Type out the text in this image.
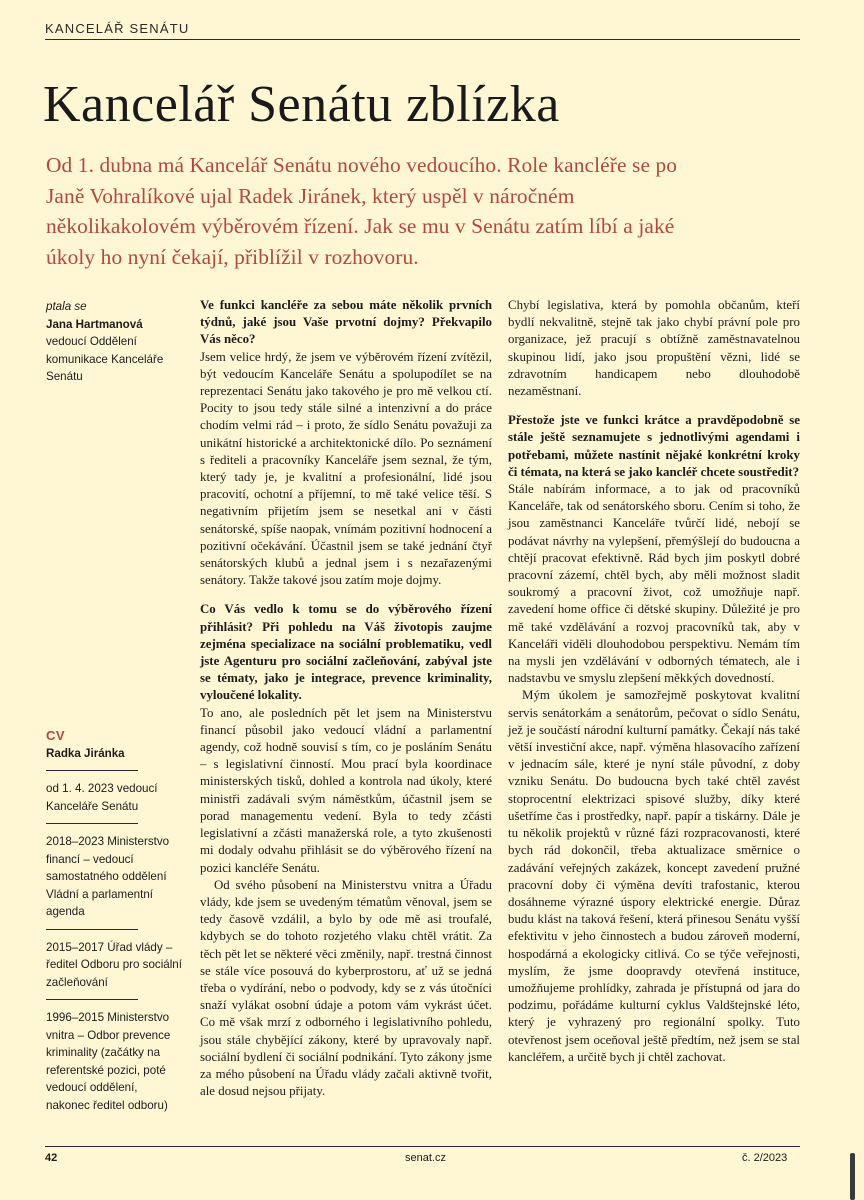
KANCELÁŘ SENÁTU
Kancelář Senátu zblízka

Od 1. dubna má Kancelář Senátu nového vedoucího. Role kancléře se po Janě Vohralíkové ujal Radek Jiránek, který uspěl v náročném několikakolovém výběrovém řízení. Jak se mu v Senátu zatím líbí a jaké úkoly ho nyní čekají, přiblížil v rozhovoru.

ptala se
Jana Hartmanová
vedoucí Oddělení komunikace Kanceláře Senátu
CV
Radka Jiránka
od 1. 4. 2023 vedoucí Kanceláře Senátu
2018–2023 Ministerstvo financí – vedoucí samostatného oddělení Vládní a parlamentní agenda
2015–2017 Úřad vlády – ředitel Odboru pro sociální začleňování
1996–2015 Ministerstvo vnitra – Odbor prevence kriminality (začátky na referentské pozici, poté vedoucí oddělení, nakonec ředitel odboru)

Ve funkci kancléře za sebou máte několik prvních týdnů, jaké jsou Vaše prvotní dojmy? Překvapilo Vás něco?

Jsem velice hrdý, že jsem ve výběrovém řízení zvítězil, být vedoucím Kanceláře Senátu a spolupodílet se na reprezentaci Senátu jako takového je pro mě velkou ctí. Pocity to jsou tedy stále silné a intenzivní a do práce chodím velmi rád – i proto, že sídlo Senátu považuji za unikátní historické a architektonické dílo. Po seznámení s řediteli a pracovníky Kanceláře jsem seznal, že tým, který tady je, je kvalitní a profesionální, lidé jsou pracovití, ochotní a příjemní, to mě také velice těší. S negativním přijetím jsem se nesetkal ani v části senátorské, spíše naopak, vnímám pozitivní hodnocení a pozitivní očekávání. Účastnil jsem se také jednání čtyř senátorských klubů a jednal jsem i s nezařazenými senátory. Takže takové jsou zatím moje dojmy.

Co Vás vedlo k tomu se do výběrového řízení přihlásit? Při pohledu na Váš životopis zaujme zejména specializace na sociální problematiku, vedl jste Agenturu pro sociální začleňování, zabýval jste se tématy, jako je integrace, prevence kriminality, vyloučené lokality.

To ano, ale posledních pět let jsem na Ministerstvu financí působil jako vedoucí vládní a parlamentní agendy, což hodně souvisí s tím, co je posláním Senátu – s legislativní činností. Mou prací byla koordinace ministerských tisků, dohled a kontrola nad úkoly, které ministři zadávali svým náměstkům, účastnil jsem se porad managementu vedení. Byla to tedy zčásti legislativní a zčásti manažerská role, a tyto zkušenosti mi dodaly odvahu přihlásit se do výběrového řízení na pozici kancléře Senátu.

Od svého působení na Ministerstvu vnitra a Úřadu vlády, kde jsem se uvedeným tématům věnoval, jsem se tedy časově vzdálil, a bylo by ode mě asi troufalé, kdybych se do tohoto rozjetého vlaku chtěl vrátit. Za těch pět let se některé věci změnily, např. trestná činnost se stále více posouvá do kyberprostoru, ať už se jedná třeba o vydírání, nebo o podvody, kdy se z vás útočníci snaží vylákat osobní údaje a potom vám vykrást účet. Co mě však mrzí z odborného i legislativního pohledu, jsou stále chybějící zákony, které by upravovaly např. sociální bydlení či sociální podnikání. Tyto zákony jsme za mého působení na Úřadu vlády začali aktivně tvořit, ale dosud nejsou přijaty.

Chybí legislativa, která by pomohla občanům, kteří bydlí nekvalitně, stejně tak jako chybí právní pole pro organizace, jež pracují s obtížně zaměstnavatelnou skupinou lidí, jako jsou propuštění vězni, lidé se zdravotním handicapem nebo dlouhodobě nezaměstnaní.

Přestože jste ve funkci krátce a pravděpodobně se stále ještě seznamujete s jednotlivými agendami i potřebami, můžete nastínit nějaké konkrétní kroky či témata, na která se jako kancléř chcete soustředit?

Stále nabírám informace, a to jak od pracovníků Kanceláře, tak od senátorského sboru. Cením si toho, že jsou zaměstnanci Kanceláře tvůrčí lidé, nebojí se podávat návrhy na vylepšení, přemýšlejí do budoucna a chtějí pracovat efektivně. Rád bych jim poskytl dobré pracovní zázemí, chtěl bych, aby měli možnost sladit soukromý a pracovní život, což umožňuje např. zavedení home office či dětské skupiny. Důležité je pro mě také vzdělávání a rozvoj pracovníků tak, aby v Kanceláři viděli dlouhodobou perspektivu. Nemám tím na mysli jen vzdělávání v odborných tématech, ale i nadstavbu ve smyslu zlepšení měkkých dovedností.

Mým úkolem je samozřejmě poskytovat kvalitní servis senátorkám a senátorům, pečovat o sídlo Senátu, jež je součástí národní kulturní památky. Čekají nás také větší investiční akce, např. výměna hlasovacího zařízení v jednacím sále, které je nyní stále původní, z doby vzniku Senátu. Do budoucna bych také chtěl zavést stoprocentní elektrizaci spisové služby, díky které ušetříme čas i prostředky, např. papír a tiskárny. Dále je tu několik projektů v různé fázi rozpracovanosti, které bych rád dokončil, třeba aktualizace směrnice o zadávání veřejných zakázek, koncept zavedení pružné pracovní doby či výměna devíti trafostanic, kterou dosáhneme výrazné úspory elektrické energie. Důraz budu klást na taková řešení, která přinesou Senátu vyšší efektivitu v jeho činnostech a budou zároveň moderní, hospodárná a ekologicky citlivá. Co se týče veřejnosti, myslím, že jsme doopravdy otevřená instituce, umožňujeme prohlídky, zahrada je přístupná od jara do podzimu, pořádáme kulturní cyklus Valdštejnské léto, který je vyhrazený pro regionální spolky. Tuto otevřenost jsem oceňoval ještě předtím, než jsem se stal kancléřem, a určitě bych ji chtěl zachovat.

42	senat.cz	č. 2/2023
